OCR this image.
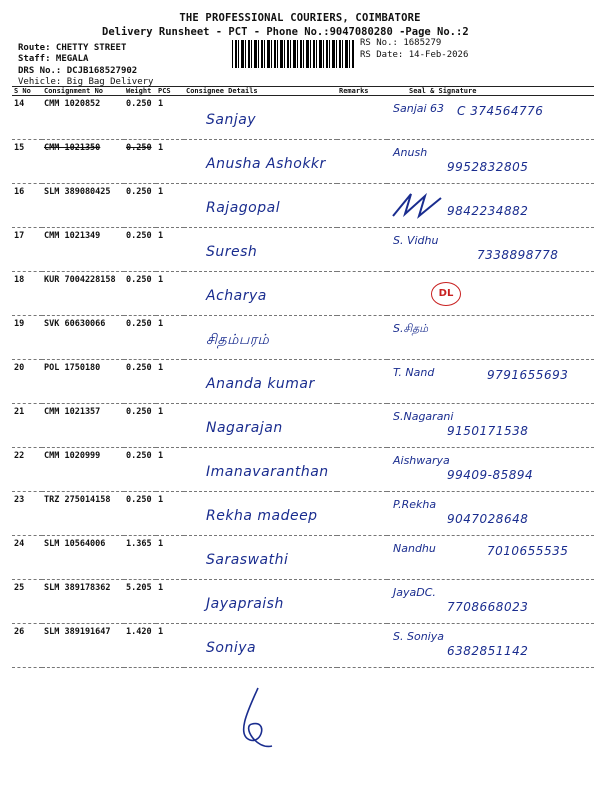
THE PROFESSIONAL COURIERS, COIMBATORE
Delivery Runsheet - PCT - Phone No.:9047080280 -Page No.:2
Route: CHETTY STREET
Staff: MEGALA
DRS No.: DCJB168527902
Vehicle: Big Bag Delivery
RS No.: 1685279
RS Date: 14-Feb-2026
S No	Consignment No	Weight	PCS	Consignee Details	Remarks	Seal & Signature
14	CMM 1020852	0.250	1	Sanjay		Sanjai 63 C 374564776

15	CMM 1021350	0.250	1	Anusha Ashokkr		Anush
9952832805

16	SLM 389080425	0.250	1	Rajagopal		9842234882

17	CMM 1021349	0.250	1	Suresh		S. Vidhu
7338898778

18	KUR 7004228158	0.250	1	Acharya		DL

19	SVK 60630066	0.250	1	சிதம்பரம்		S.சிதம்

20	POL 1750180	0.250	1	Ananda kumar		T. Nand 9791655693

21	CMM 1021357	0.250	1	Nagarajan		S.Nagarani
9150171538

22	CMM 1020999	0.250	1	Imanavaranthan		Aishwarya
99409-85894

23	TRZ 275014158	0.250	1	Rekha madeep		P.Rekha
9047028648

24	SLM 10564006	1.365	1	Saraswathi		Nandhu 7010655535

25	SLM 389178362	5.205	1	Jayapraish		JayaDC.
7708668023

26	SLM 389191647	1.420	1	Soniya		S. Soniya
6382851142
